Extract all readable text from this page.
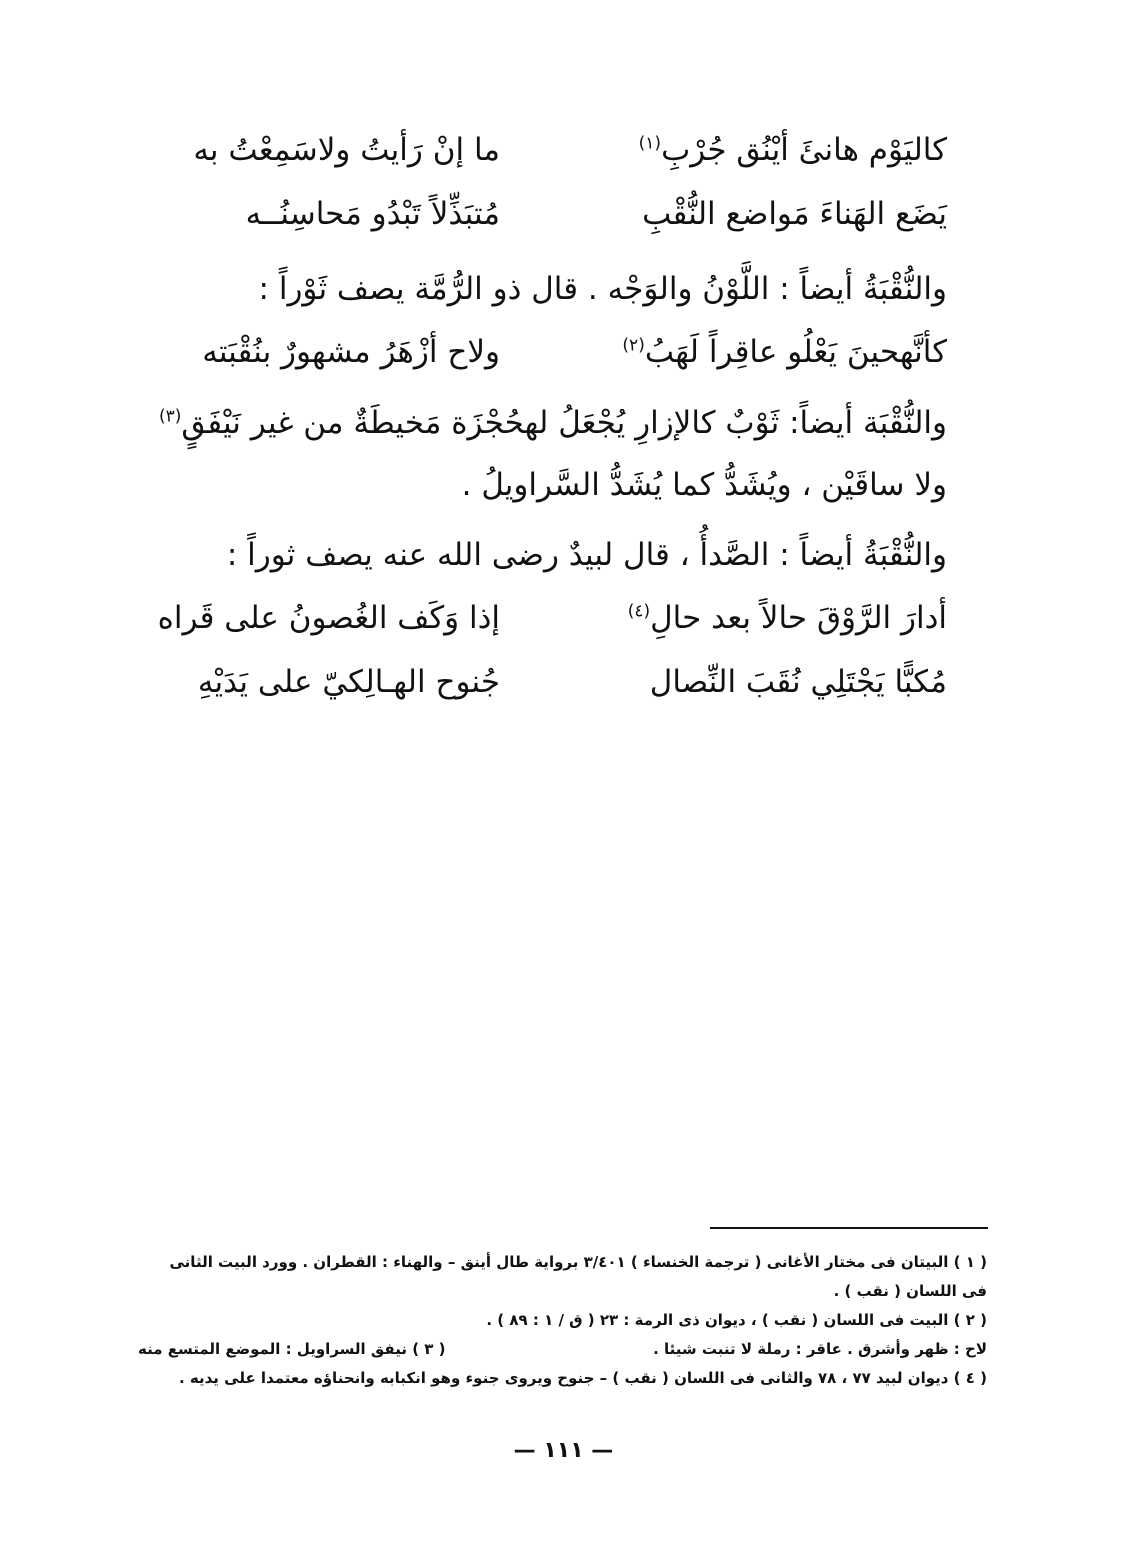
كاليَوْم هانئَ أيْنُق جُرْبِ$^{(١)}$
ما إنْ رَأيتُ ولاسَمِعْتُ به
يَضَع الهَناءَ مَواضع النُّقْبِ
مُتبَذِّلاً تَبْدُو مَحاسِنُــه
والنُّقْبَةُ أيضاً : اللَّوْنُ والوَجْه . قال ذو الرُّمَّة يصف ثَوْراً :
كأنَّهحينَ يَعْلُو عاقِراً لَهَبُ$^{(٢)}$
ولاح أزْهَرُ مشهورٌ بنُقْبَته
والنُّقْبَة أيضاً: ثَوْبٌ كالإزارِ يُجْعَلُ لهحُجْزَة مَخيطَةٌ من غير نَيْفَقٍ$^{(٣)}$
ولا ساقَيْن ، ويُشَدُّ كما يُشَدُّ السَّراويلُ .
والنُّقْبَةُ أيضاً : الصَّدأُ ، قال لبيدٌ رضى الله عنه يصف ثوراً :
أدارَ الرَّوْقَ حالاً بعد حالِ$^{(٤)}$
إذا وَكَف الغُصونُ على قَراه
مُكبًّا يَجْتَلِي نُقَبَ النِّصال
جُنوح الهـالِكيّ على يَدَيْهِ
( ١ ) البيتان فى مختار الأغانى ( ترجمة الخنساء ) ٣/٤٠١ برواية طال أينق – والهناء : القطران . وورد البيت الثانى
فى اللسان ( نقب ) .
( ٢ ) البيت فى اللسان ( نقب ) ، ديوان ذى الرمة : ٢٣ ( ق / ١ : ٨٩ ) .
لاح : ظهر وأشرق . عاقر : رملة لا تنبت شيئا .
( ٣ ) نيفق السراويل : الموضع المتسع منه
( ٤ ) ديوان لبيد ٧٧ ، ٧٨ والثانى فى اللسان ( نقب ) – جنوح ويروى جنوء وهو انكبابه وانحناؤه معتمدا على يديه .
— ١١١ —
